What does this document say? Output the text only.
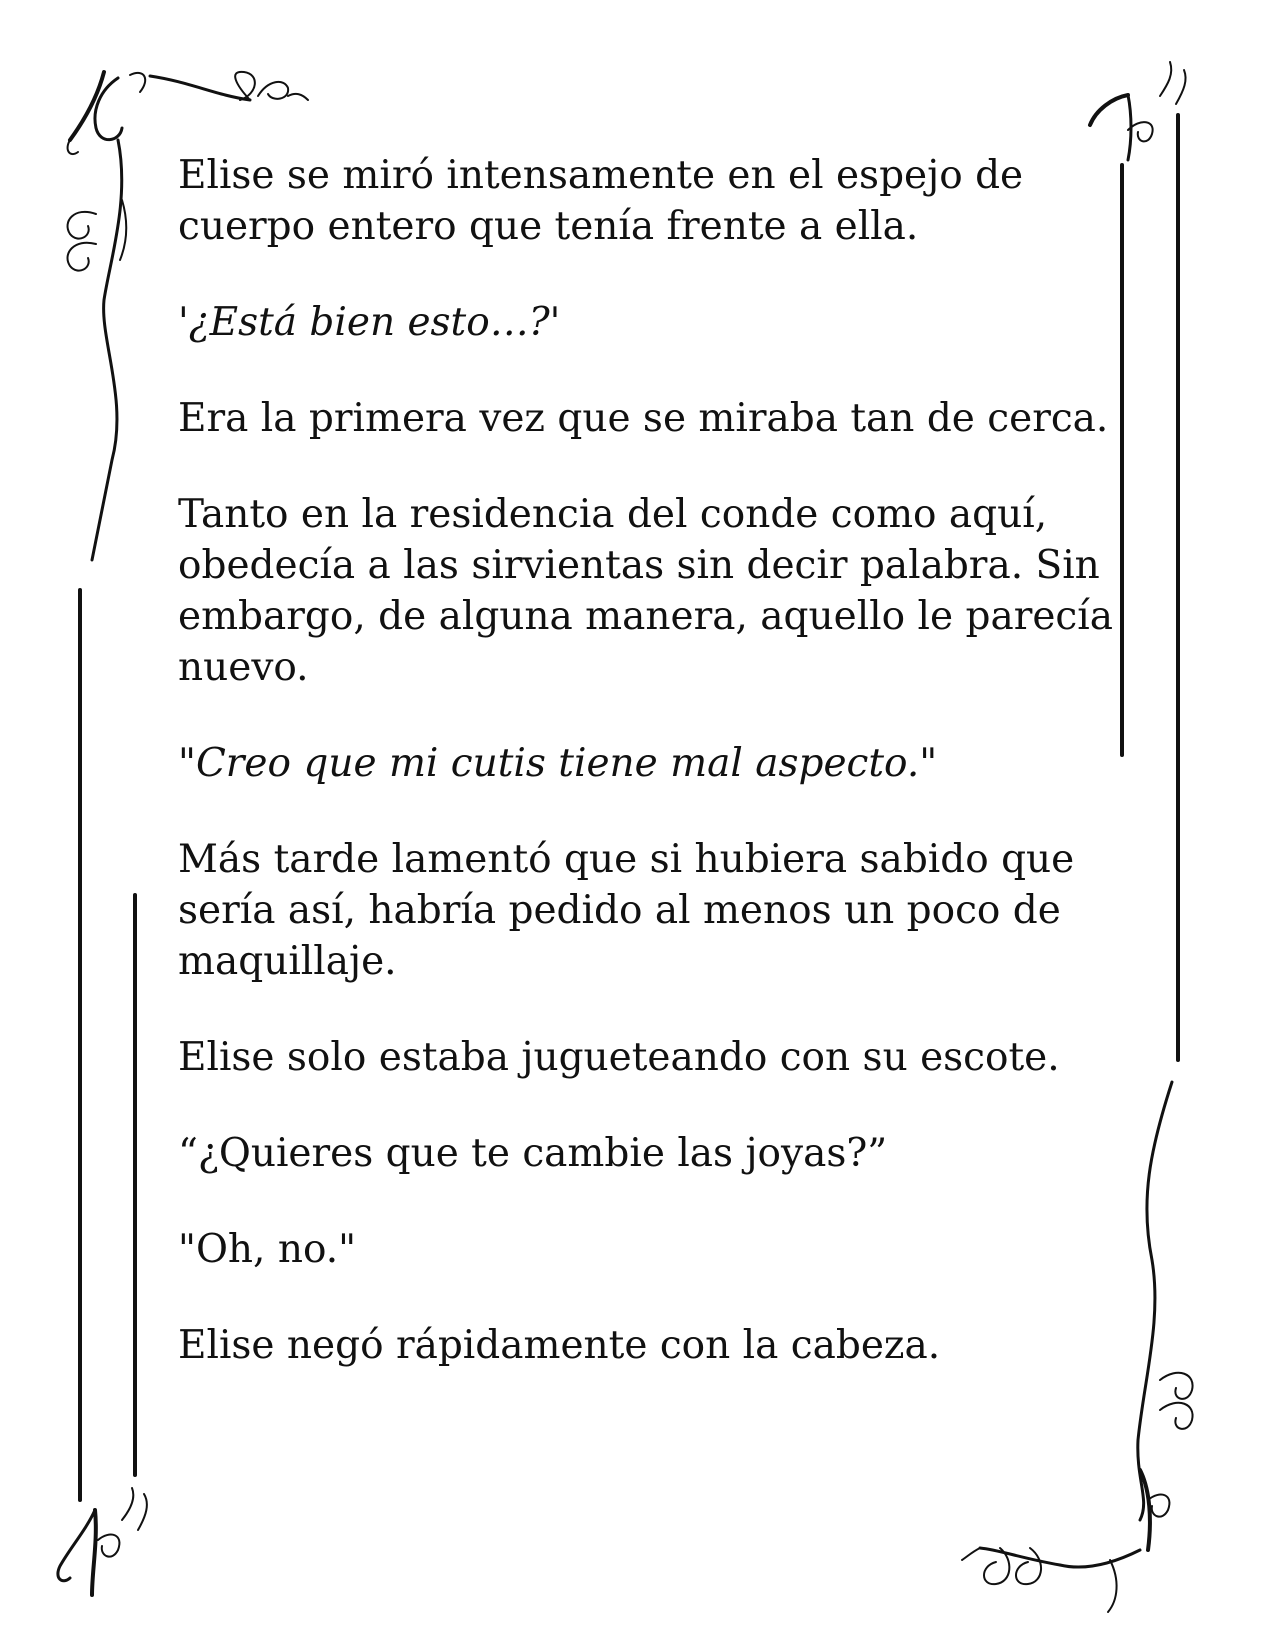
Elise se miró intensamente en el espejo de
cuerpo entero que tenía frente a ella.

'¿Está bien esto…?'

Era la primera vez que se miraba tan de cerca.

Tanto en la residencia del conde como aquí,
obedecía a las sirvientas sin decir palabra. Sin
embargo, de alguna manera, aquello le parecía
nuevo.

"Creo que mi cutis tiene mal aspecto."

Más tarde lamentó que si hubiera sabido que
sería así, habría pedido al menos un poco de
maquillaje.

Elise solo estaba jugueteando con su escote.

“¿Quieres que te cambie las joyas?”

"Oh, no."

Elise negó rápidamente con la cabeza.
